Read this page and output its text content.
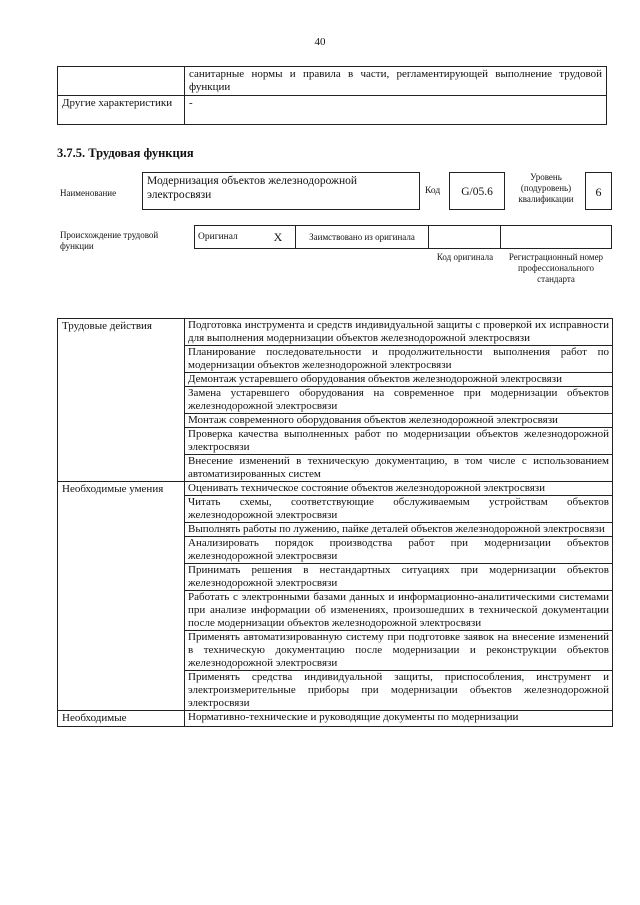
40
	санитарные нормы и правила в части, регламентирующей выполнение трудовой функции
Другие характеристики	-
3.7.5. Трудовая функция
Наименование
Модернизация объектов железнодорожной электросвязи	Код	G/05.6
Уровень (подуровень) квалификации	6
Происхождение трудовой функции
Оригинал	X	Заимствовано из оригинала		
Код оригинала	Регистрационный номер профессионального стандарта
Трудовые действия	Подготовка инструмента и средств индивидуальной защиты с проверкой их исправности для выполнения модернизации объектов железнодорожной электросвязи
	Планирование последовательности и продолжительности выполнения работ по модернизации объектов железнодорожной электросвязи
	Демонтаж устаревшего оборудования объектов железнодорожной электросвязи
	Замена устаревшего оборудования на современное при модернизации объектов железнодорожной электросвязи
	Монтаж современного оборудования объектов железнодорожной электросвязи
	Проверка качества выполненных работ по модернизации объектов железнодорожной электросвязи
	Внесение изменений в техническую документацию, в том числе с использованием автоматизированных систем
Необходимые умения	Оценивать техническое состояние объектов железнодорожной электросвязи
	Читать схемы, соответствующие обслуживаемым устройствам объектов железнодорожной электросвязи
	Выполнять работы по лужению, пайке деталей объектов железнодорожной электросвязи
	Анализировать порядок производства работ при модернизации объектов железнодорожной электросвязи
	Принимать решения в нестандартных ситуациях при модернизации объектов железнодорожной электросвязи
	Работать с электронными базами данных и информационно-аналитическими системами при анализе информации об изменениях, произошедших в технической документации после модернизации объектов железнодорожной электросвязи
	Применять автоматизированную систему при подготовке заявок на внесение изменений в техническую документацию после модернизации и реконструкции объектов железнодорожной электросвязи
	Применять средства индивидуальной защиты, приспособления, инструмент и электроизмерительные приборы при модернизации объектов железнодорожной электросвязи
Необходимые	Нормативно-технические и руководящие документы по модернизации
